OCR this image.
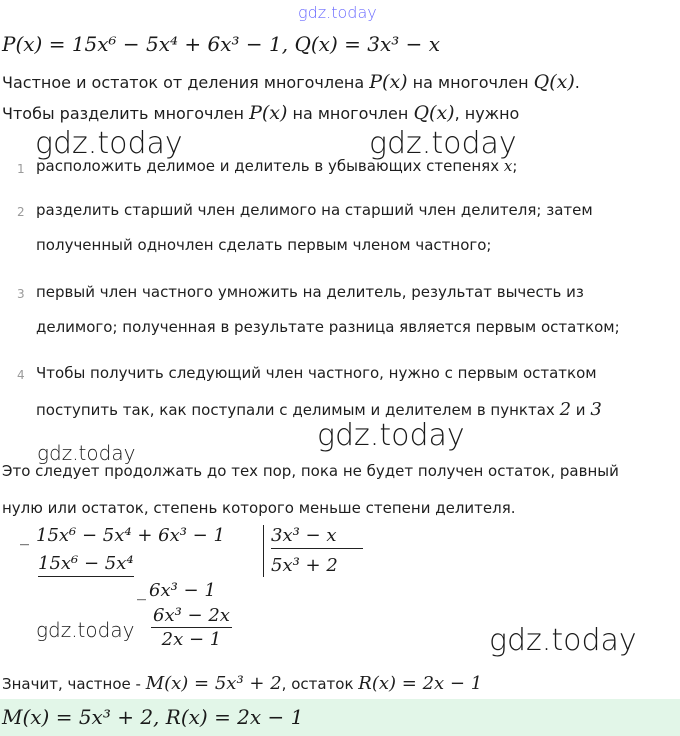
gdz.today
P(x) = 15x⁶ − 5x⁴ + 6x³ − 1, Q(x) = 3x³ − x
Частное и остаток от деления многочлена P(x) на многочлен Q(x).
Чтобы разделить многочлен P(x) на многочлен Q(x), нужно
gdz.today	gdz.today
1 расположить делимое и делитель в убывающих степенях x;
2 разделить старший член делимого на старший член делителя; затем
полученный одночлен сделать первым членом частного;
3 первый член частного умножить на делитель, результат вычесть из
делимого; полученная в результате разница является первым остатком;
4 Чтобы получить следующий член частного, нужно с первым остатком
поступить так, как поступали с делимым и делителем в пунктах 2 и 3
gdz.today
gdz.today
Это следует продолжать до тех пор, пока не будет получен остаток, равный
нулю или остаток, степень которого меньше степени делителя.
_ 15x⁶ − 5x⁴ + 6x³ − 1
15x⁶ − 5x⁴
3x³ − x
5x³ + 2
_ 6x³ − 1
gdz.today $\frac{\text{6x³ − 2x}}{2x - 1}$	gdz.today
Значит, частное - M(x) = 5x³ + 2, остаток R(x) = 2x − 1
M(x) = 5x³ + 2, R(x) = 2x − 1
